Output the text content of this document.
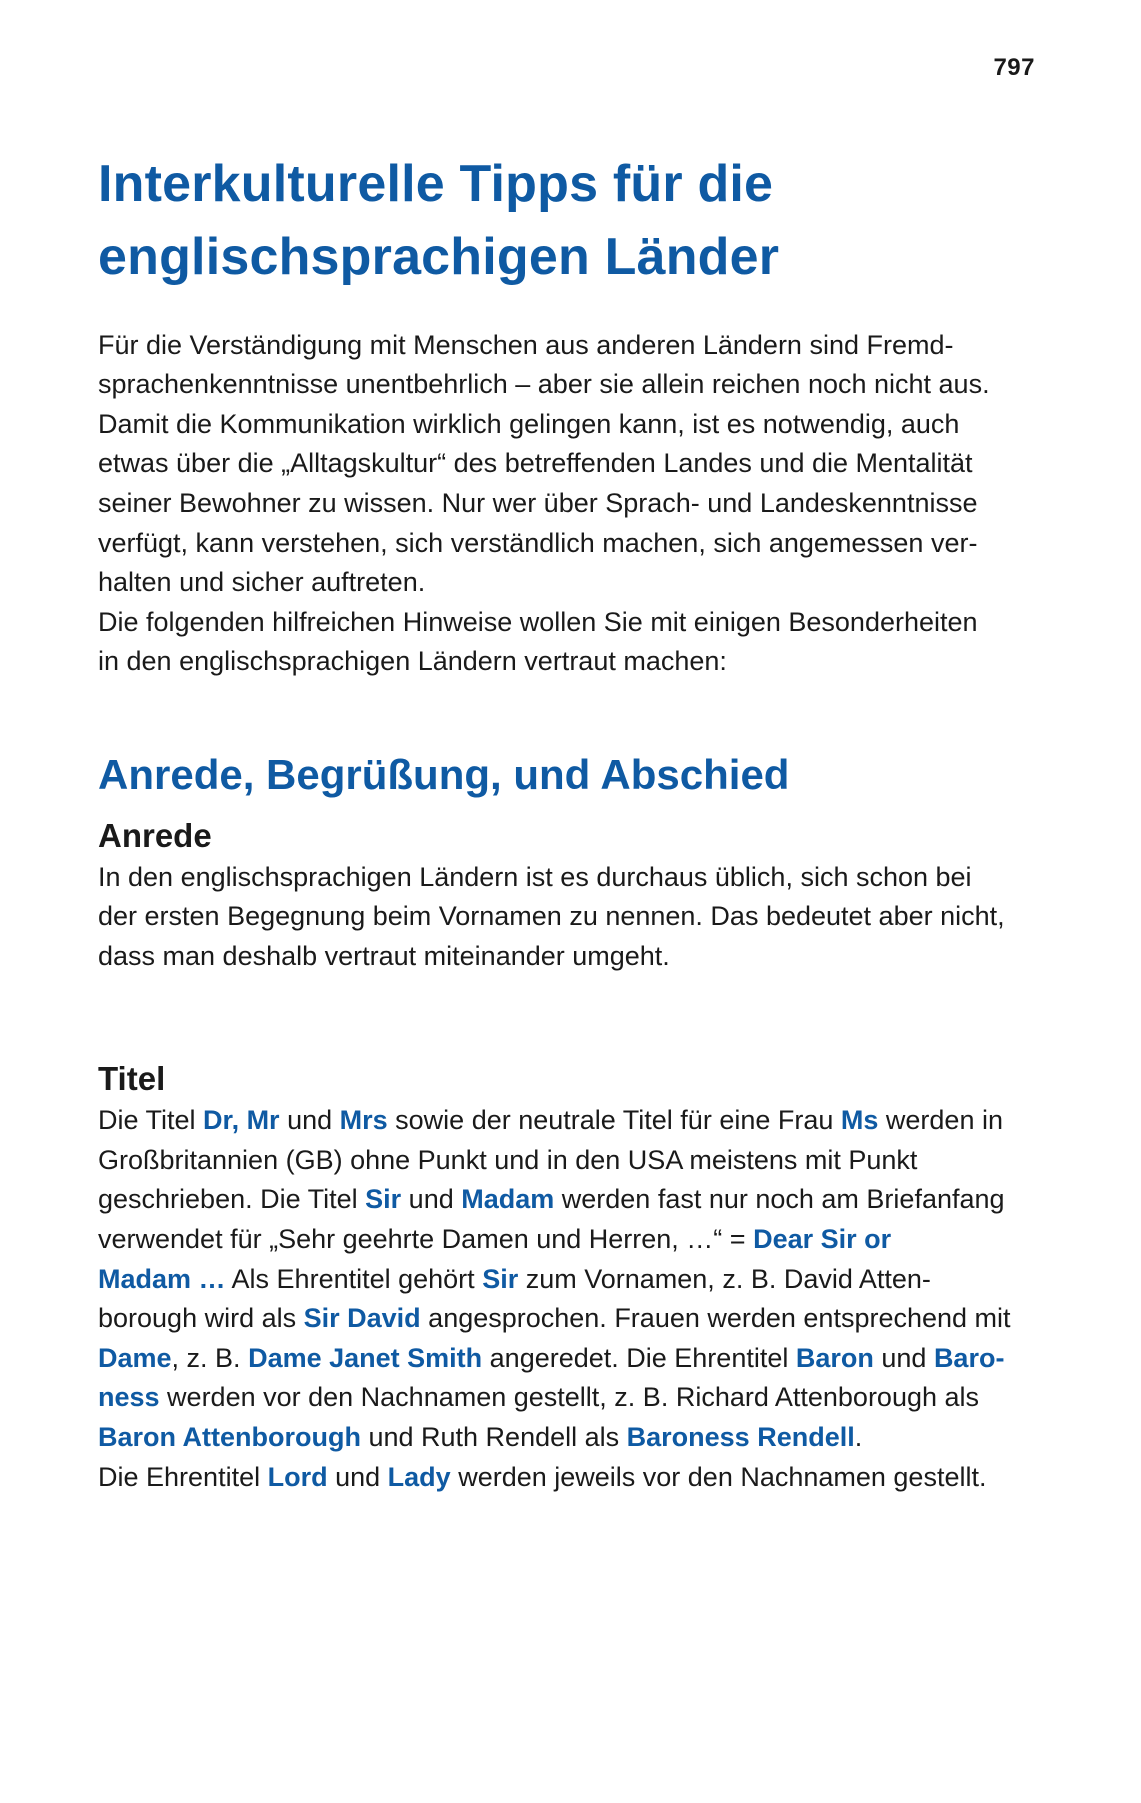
797
Interkulturelle Tipps für die
englischsprachigen Länder

Für die Verständigung mit Menschen aus anderen Ländern sind Fremd-
sprachenkenntnisse unentbehrlich – aber sie allein reichen noch nicht aus.
Damit die Kommunikation wirklich gelingen kann, ist es notwendig, auch
etwas über die „Alltagskultur“ des betreffenden Landes und die Mentalität
seiner Bewohner zu wissen. Nur wer über Sprach- und Landeskenntnisse
verfügt, kann verstehen, sich verständlich machen, sich angemessen ver-
halten und sicher auftreten.
Die folgenden hilfreichen Hinweise wollen Sie mit einigen Besonderheiten
in den englischsprachigen Ländern vertraut machen:

Anrede, Begrüßung, und Abschied
Anrede

In den englischsprachigen Ländern ist es durchaus üblich, sich schon bei
der ersten Begegnung beim Vornamen zu nennen. Das bedeutet aber nicht,
dass man deshalb vertraut miteinander umgeht.

Titel

Die Titel Dr, Mr und Mrs sowie der neutrale Titel für eine Frau Ms werden in
Großbritannien (GB) ohne Punkt und in den USA meistens mit Punkt
geschrieben. Die Titel Sir und Madam werden fast nur noch am Briefanfang
verwendet für „Sehr geehrte Damen und Herren, …“ = Dear Sir or
Madam … Als Ehrentitel gehört Sir zum Vornamen, z. B. David Atten-
borough wird als Sir David angesprochen. Frauen werden entsprechend mit
Dame, z. B. Dame Janet Smith angeredet. Die Ehrentitel Baron und Baro-
ness werden vor den Nachnamen gestellt, z. B. Richard Attenborough als
Baron Attenborough und Ruth Rendell als Baroness Rendell.
Die Ehrentitel Lord und Lady werden jeweils vor den Nachnamen gestellt.
